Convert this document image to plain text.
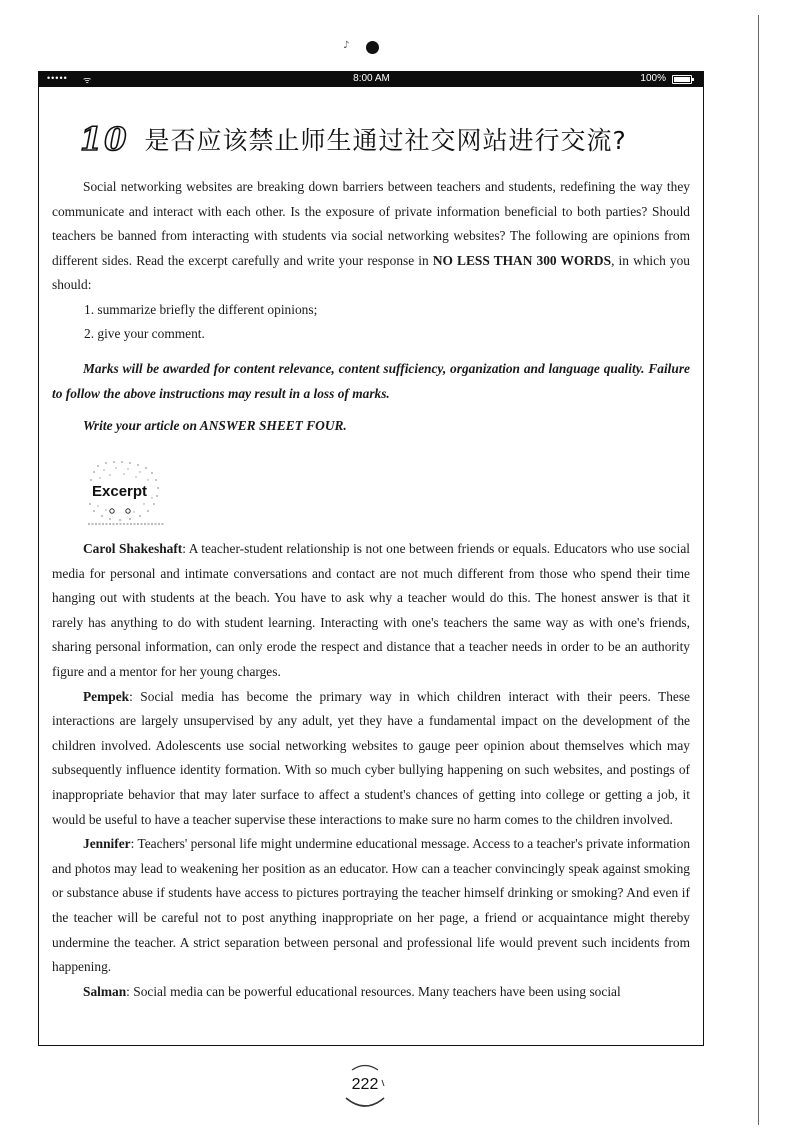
♪
••••• ᯤ	8:00 AM	100%
10 是否应该禁止师生通过社交网站进行交流?

Social networking websites are breaking down barriers between teachers and students, redefining the way they communicate and interact with each other. Is the exposure of private information beneficial to both parties? Should teachers be banned from interacting with students via social networking websites? The following are opinions from different sides. Read the excerpt carefully and write your response in NO LESS THAN 300 WORDS, in which you should:

1. summarize briefly the different opinions;
2. give your comment.

Marks will be awarded for content relevance, content sufficiency, organization and language quality. Failure to follow the above instructions may result in a loss of marks.

Write your article on ANSWER SHEET FOUR.

Excerpt

Carol Shakeshaft: A teacher-student relationship is not one between friends or equals. Educators who use social media for personal and intimate conversations and contact are not much different from those who spend their time hanging out with students at the beach. You have to ask why a teacher would do this. The honest answer is that it rarely has anything to do with student learning. Interacting with one's teachers the same way as with one's friends, sharing personal information, can only erode the respect and distance that a teacher needs in order to be an authority figure and a mentor for her young charges.

Pempek: Social media has become the primary way in which children interact with their peers. These interactions are largely unsupervised by any adult, yet they have a fundamental impact on the development of the children involved. Adolescents use social networking websites to gauge peer opinion about themselves which may subsequently influence identity formation. With so much cyber bullying happening on such websites, and postings of inappropriate behavior that may later surface to affect a student's chances of getting into college or getting a job, it would be useful to have a teacher supervise these interactions to make sure no harm comes to the children involved.

Jennifer: Teachers' personal life might undermine educational message. Access to a teacher's private information and photos may lead to weakening her position as an educator. How can a teacher convincingly speak against smoking or substance abuse if students have access to pictures portraying the teacher himself drinking or smoking? And even if the teacher will be careful not to post anything inappropriate on her page, a friend or acquaintance might thereby undermine the teacher. A strict separation between personal and professional life would prevent such incidents from happening.

Salman: Social media can be powerful educational resources. Many teachers have been using social

222
